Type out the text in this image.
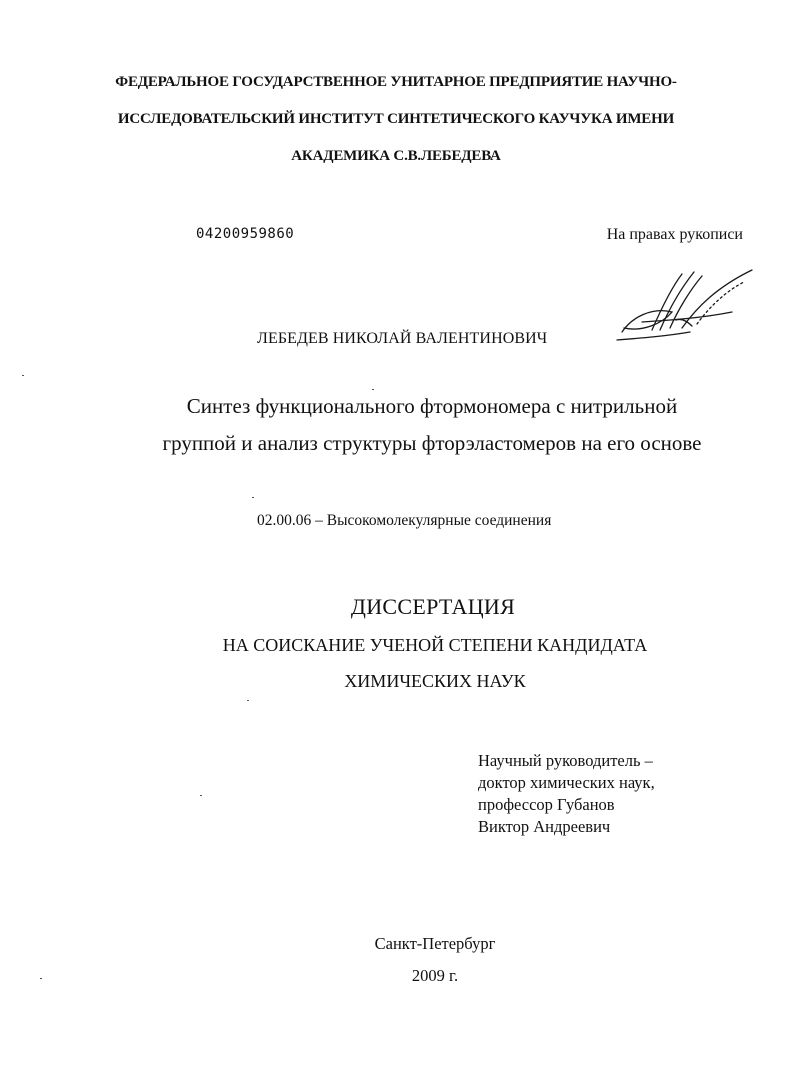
ФЕДЕРАЛЬНОЕ ГОСУДАРСТВЕННОЕ УНИТАРНОЕ ПРЕДПРИЯТИЕ НАУЧНО-
ИССЛЕДОВАТЕЛЬСКИЙ ИНСТИТУТ СИНТЕТИЧЕСКОГО КАУЧУКА ИМЕНИ
АКАДЕМИКА С.В.ЛЕБЕДЕВА
04200959860	На правах рукописи
ЛЕБЕДЕВ НИКОЛАЙ ВАЛЕНТИНОВИЧ
Синтез функционального фтормономера с нитрильной
группой и анализ структуры фторэластомеров на его основе
02.00.06 – Высокомолекулярные соединения
ДИССЕРТАЦИЯ
НА СОИСКАНИЕ УЧЕНОЙ СТЕПЕНИ КАНДИДАТА
ХИМИЧЕСКИХ НАУК
Научный руководитель –
доктор химических наук,
профессор Губанов
Виктор Андреевич
Санкт-Петербург
2009 г.
